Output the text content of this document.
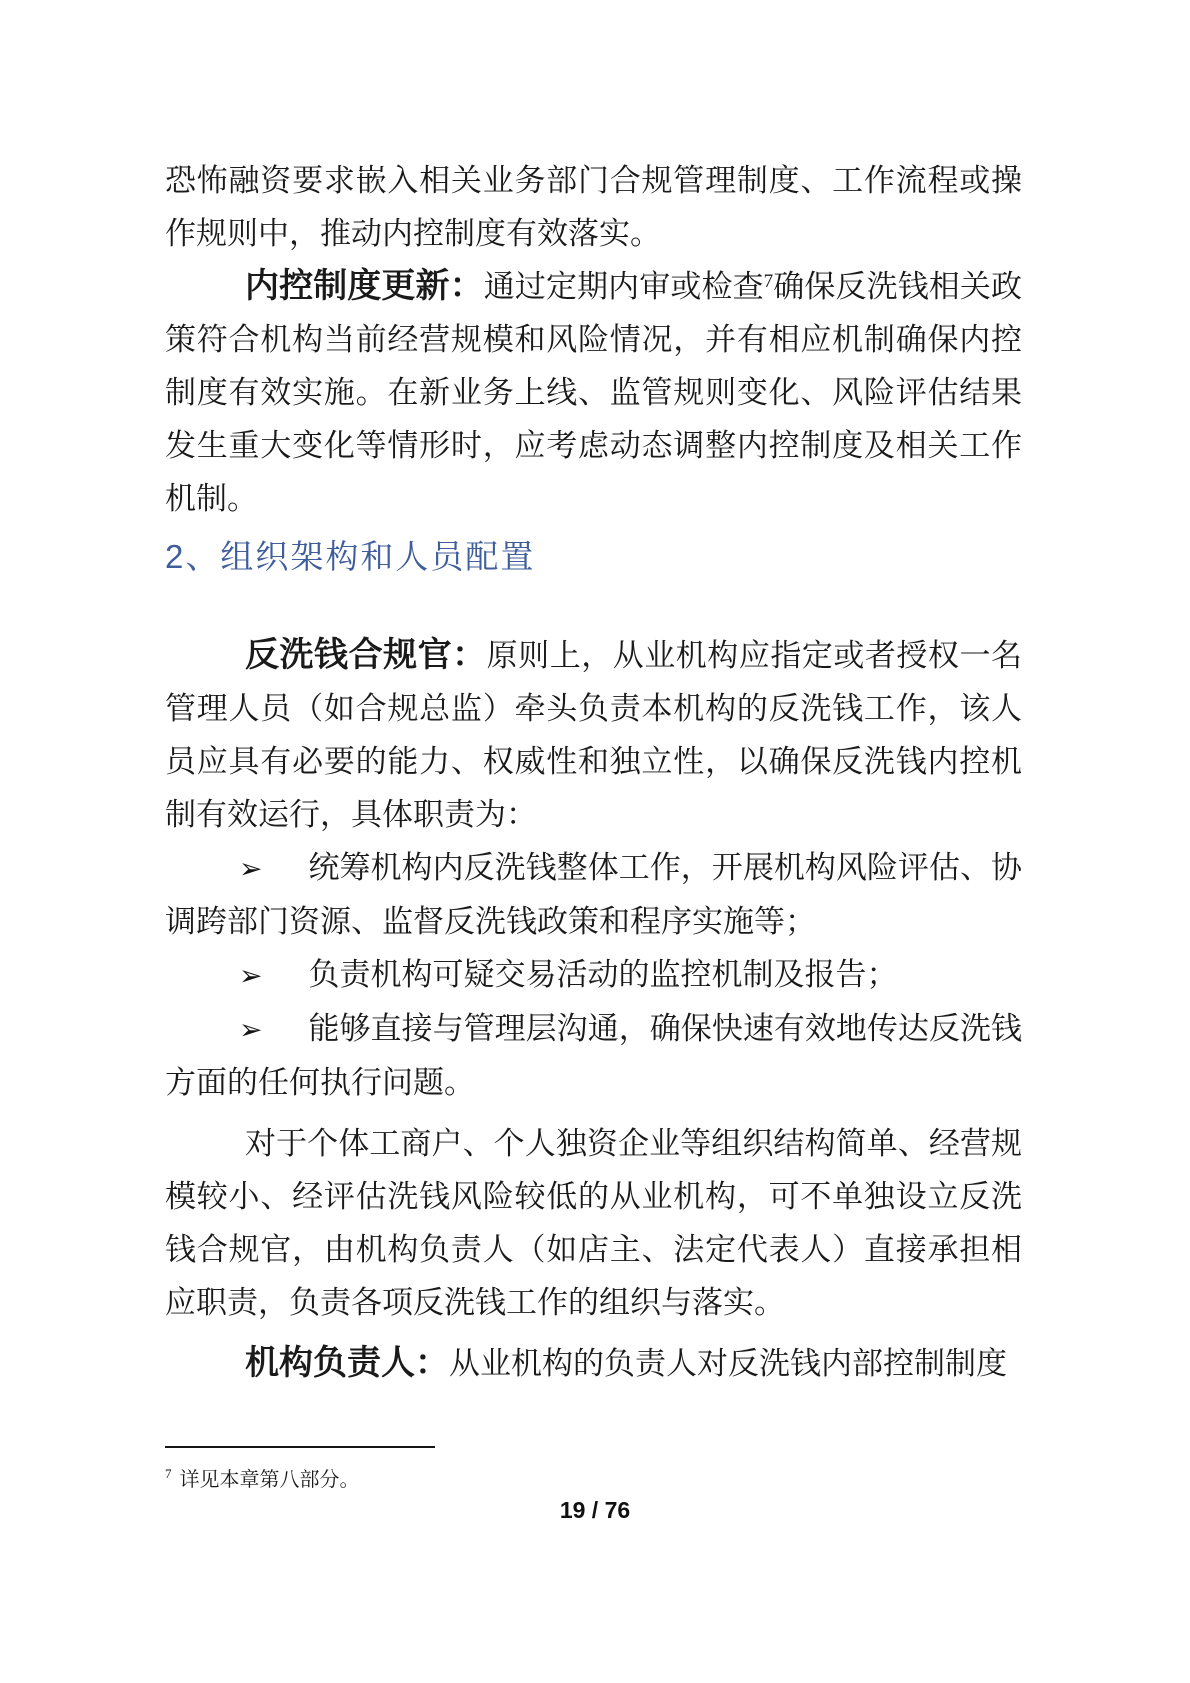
恐怖融资要求嵌入相关业务部门合规管理制度、工作流程或操作规则中，推动内控制度有效落实。

内控制度更新：通过定期内审或检查$^7$确保反洗钱相关政策符合机构当前经营规模和风险情况，并有相应机制确保内控制度有效实施。在新业务上线、监管规则变化、风险评估结果发生重大变化等情形时，应考虑动态调整内控制度及相关工作机制。

2、组织架构和人员配置

反洗钱合规官：原则上，从业机构应指定或者授权一名管理人员（如合规总监）牵头负责本机构的反洗钱工作，该人员应具有必要的能力、权威性和独立性，以确保反洗钱内控机制有效运行，具体职责为：

➢ 统筹机构内反洗钱整体工作，开展机构风险评估、协调跨部门资源、监督反洗钱政策和程序实施等；

➢ 负责机构可疑交易活动的监控机制及报告；

➢ 能够直接与管理层沟通，确保快速有效地传达反洗钱方面的任何执行问题。

对于个体工商户、个人独资企业等组织结构简单、经营规模较小、经评估洗钱风险较低的从业机构，可不单独设立反洗钱合规官，由机构负责人（如店主、法定代表人）直接承担相应职责，负责各项反洗钱工作的组织与落实。

机构负责人：从业机构的负责人对反洗钱内部控制制度

$^7$ 详见本章第八部分。
19 / 76
